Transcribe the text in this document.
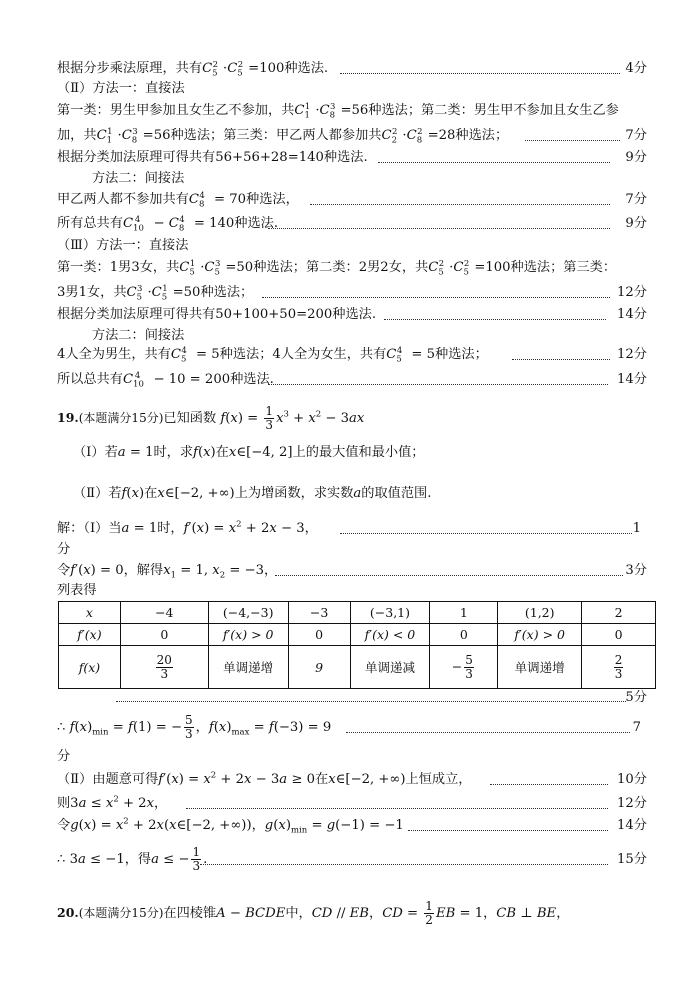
根据分步乘法原理，共有$C_5^2 \cdot C_5^2 =100$种选法.	4分
（Ⅱ）方法一：直接法
第一类：男生甲参加且女生乙不参加，共$C_1^1 \cdot C_8^3 =56$种选法；第二类：男生甲不参加且女生乙参
加，共$C_1^1 \cdot C_8^3 =56$种选法；第三类：甲乙两人都参加共$C_2^2 \cdot C_8^2 =28$种选法；	7分
根据分类加法原理可得共有56+56+28=140种选法.	9分
方法二：间接法
甲乙两人都不参加共有$C_8^4 = 70$种选法，	7分
所有总共有$C_{10}^4 - C_8^4 = 140$种选法.	9分
（Ⅲ）方法一：直接法
第一类：1男3女，共$C_5^1 \cdot C_5^3 =50$种选法；第二类：2男2女，共$C_5^2 \cdot C_5^2 =100$种选法；第三类：
3男1女，共$C_5^3 \cdot C_5^1 =50$种选法；	12分
根据分类加法原理可得共有50+100+50=200种选法.	14分
方法二：间接法
4人全为男生，共有$C_5^4 = 5$种选法；4人全为女生，共有$C_5^4 = 5$种选法；	12分
所以总共有$C_{10}^4 - 10 = 200$种选法.	14分
19.(本题满分15分)已知函数 $f(x) = \frac{1}{3} x^3 + x^2 - 3ax$
（Ⅰ）若a = 1时，求f(x)在x∈[−4, 2]上的最大值和最小值；
（Ⅱ）若f(x)在x∈[−2, +∞)上为增函数，求实数a的取值范围.
解：（Ⅰ）当a = 1时，$f'(x) = x^2 + 2x - 3$，	1
分
令f′(x) = 0，解得$x_1 = 1$, $x_2 = -3$，	3分
列表得
x	−4	(−4,−3)	−3	(−3,1)	1	(1,2)	2
f′(x)	0	f′(x) > 0	0	f′(x) < 0	0	f′(x) > 0	0
f(x)	$\frac{20}{3}$	单调递增	9	单调递减	− $\frac{5}{3}$	单调递增	$\frac{2}{3}$
5分
∴ $f(x)_{min} = f(1)$ = − $\frac{5}{3}$ ，$f(x)_{max} = f(-3) = 9$	7
分
（Ⅱ）由题意可得$f'(x) = x^2 + 2x - 3a \ge 0$在x∈[−2, +∞)上恒成立，	10分
则$3a \le x^2 + 2x$，	12分
令$g(x) = x^2$ + 2x(x∈[−2, +∞))，$g(x)_{min} = g(-1) = -1$	14分
∴ 3a ≤ −1，得a ≤ − $\frac{1}{3}$ .	15分
20.(本题满分15分)在四棱锥A − BCDE中，CD // EB，CD = $\frac{1}{2}$ EB = 1，CB ⊥ BE，
